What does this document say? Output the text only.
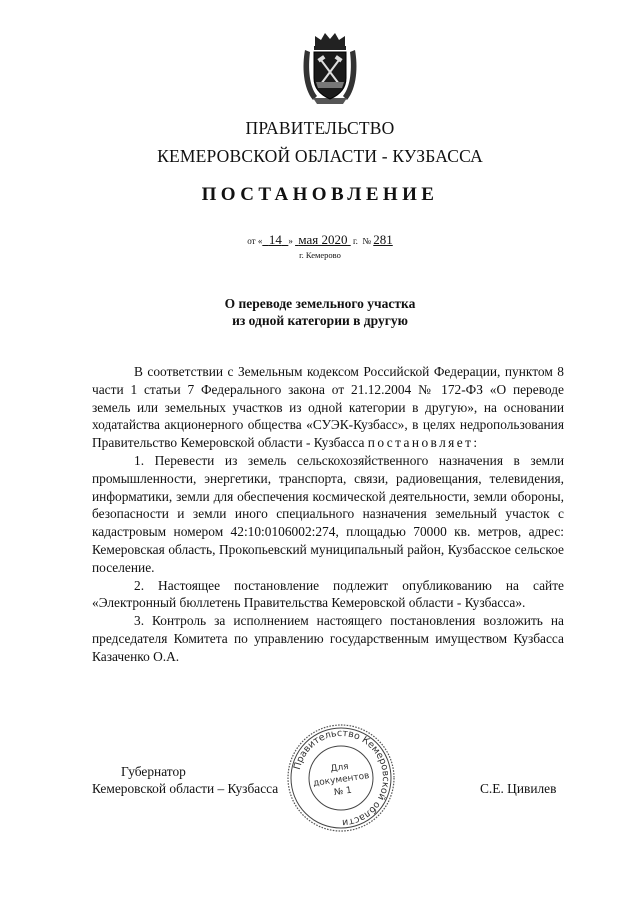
ПРАВИТЕЛЬСТВО
КЕМЕРОВСКОЙ ОБЛАСТИ - КУЗБАССА
ПОСТАНОВЛЕНИЕ
от « 14 » мая 2020 г. № 281
г. Кемерово
О переводе земельного участка
из одной категории в другую

В соответствии с Земельным кодексом Российской Федерации, пунктом 8 части 1 статьи 7 Федерального закона от 21.12.2004 № 172-ФЗ «О переводе земель или земельных участков из одной категории в другую», на основании ходатайства акционерного общества «СУЭК-Кузбасс», в целях недропользования Правительство Кемеровской области - Кузбасса постановляет:

1. Перевести из земель сельскохозяйственного назначения в земли промышленности, энергетики, транспорта, связи, радиовещания, телевидения, информатики, земли для обеспечения космической деятельности, земли обороны, безопасности и земли иного специального назначения земельный участок с кадастровым номером 42:10:0106002:274, площадью 70000 кв. метров, адрес: Кемеровская область, Прокопьевский муниципальный район, Кузбасское сельское поселение.

2. Настоящее постановление подлежит опубликованию на сайте «Электронный бюллетень Правительства Кемеровской области - Кузбасса».

3. Контроль за исполнением настоящего постановления возложить на председателя Комитета по управлению государственным имуществом Кузбасса Казаченко О.А.

Губернатор
Кемеровской области – Кузбасса	С.Е. Цивилев
Правительство Кемеровской области
Для
документов
№ 1
